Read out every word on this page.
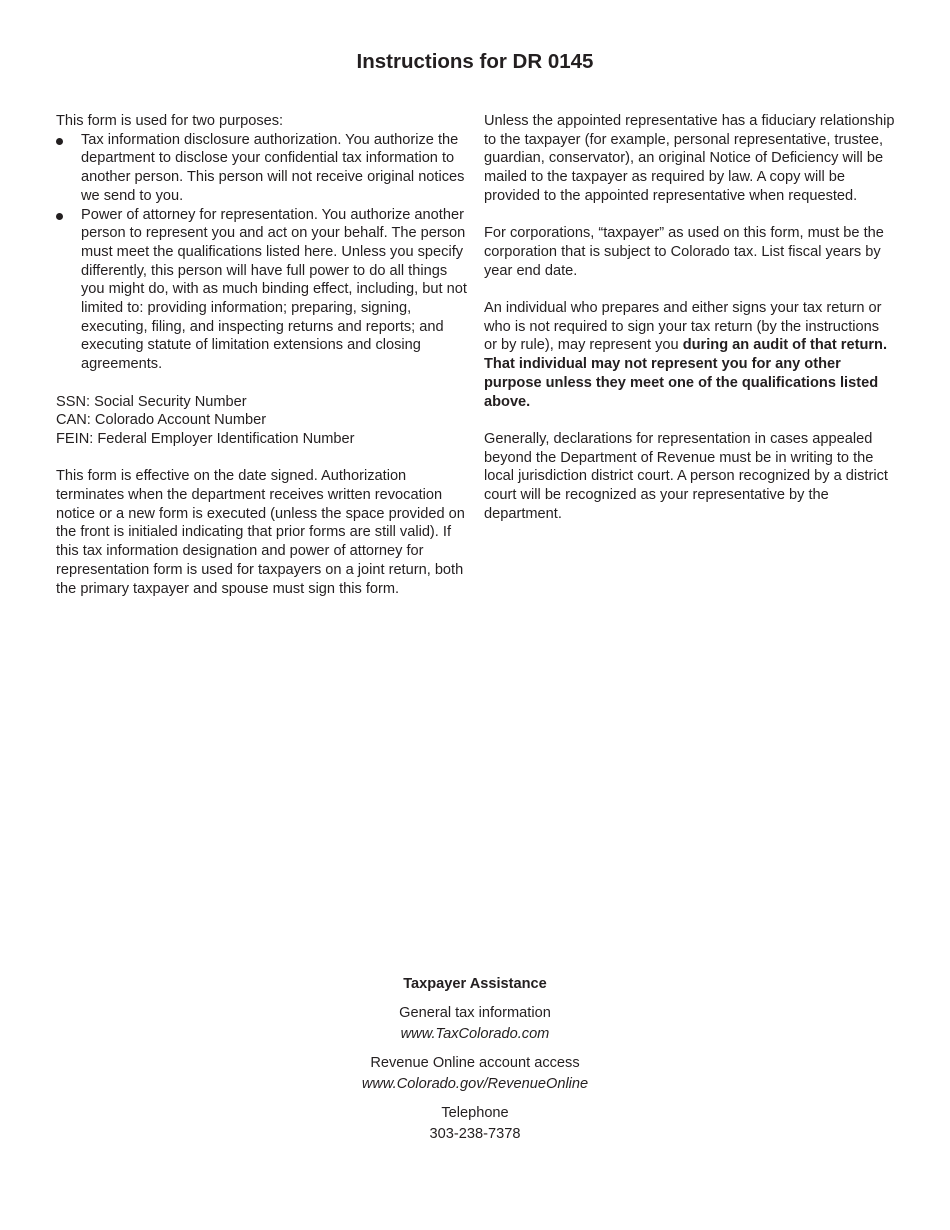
Instructions for DR 0145

This form is used for two purposes:

Tax information disclosure authorization. You authorize the department to disclose your confidential tax information to another person. This person will not receive original notices we send to you.
Power of attorney for representation. You authorize another person to represent you and act on your behalf. The person must meet the qualifications listed here. Unless you specify differently, this person will have full power to do all things you might do, with as much binding effect, including, but not limited to: providing information; preparing, signing, executing, filing, and inspecting returns and reports; and executing statute of limitation extensions and closing agreements.

SSN: Social Security Number

CAN: Colorado Account Number

FEIN: Federal Employer Identification Number

This form is effective on the date signed. Authorization terminates when the department receives written revocation notice or a new form is executed (unless the space provided on the front is initialed indicating that prior forms are still valid). If this tax information designation and power of attorney for representation form is used for taxpayers on a joint return, both the primary taxpayer and spouse must sign this form.

Unless the appointed representative has a fiduciary relationship to the taxpayer (for example, personal representative, trustee, guardian, conservator), an original Notice of Deficiency will be mailed to the taxpayer as required by law. A copy will be provided to the appointed representative when requested.

For corporations, “taxpayer” as used on this form, must be the corporation that is subject to Colorado tax. List fiscal years by year end date.

An individual who prepares and either signs your tax return or who is not required to sign your tax return (by the instructions or by rule), may represent you during an audit of that return. That individual may not represent you for any other purpose unless they meet one of the qualifications listed above.

Generally, declarations for representation in cases appealed beyond the Department of Revenue must be in writing to the local jurisdiction district court. A person recognized by a district court will be recognized as your representative by the department.

Taxpayer Assistance
General tax information
www.TaxColorado.com
Revenue Online account access
www.Colorado.gov/RevenueOnline
Telephone
303-238-7378
